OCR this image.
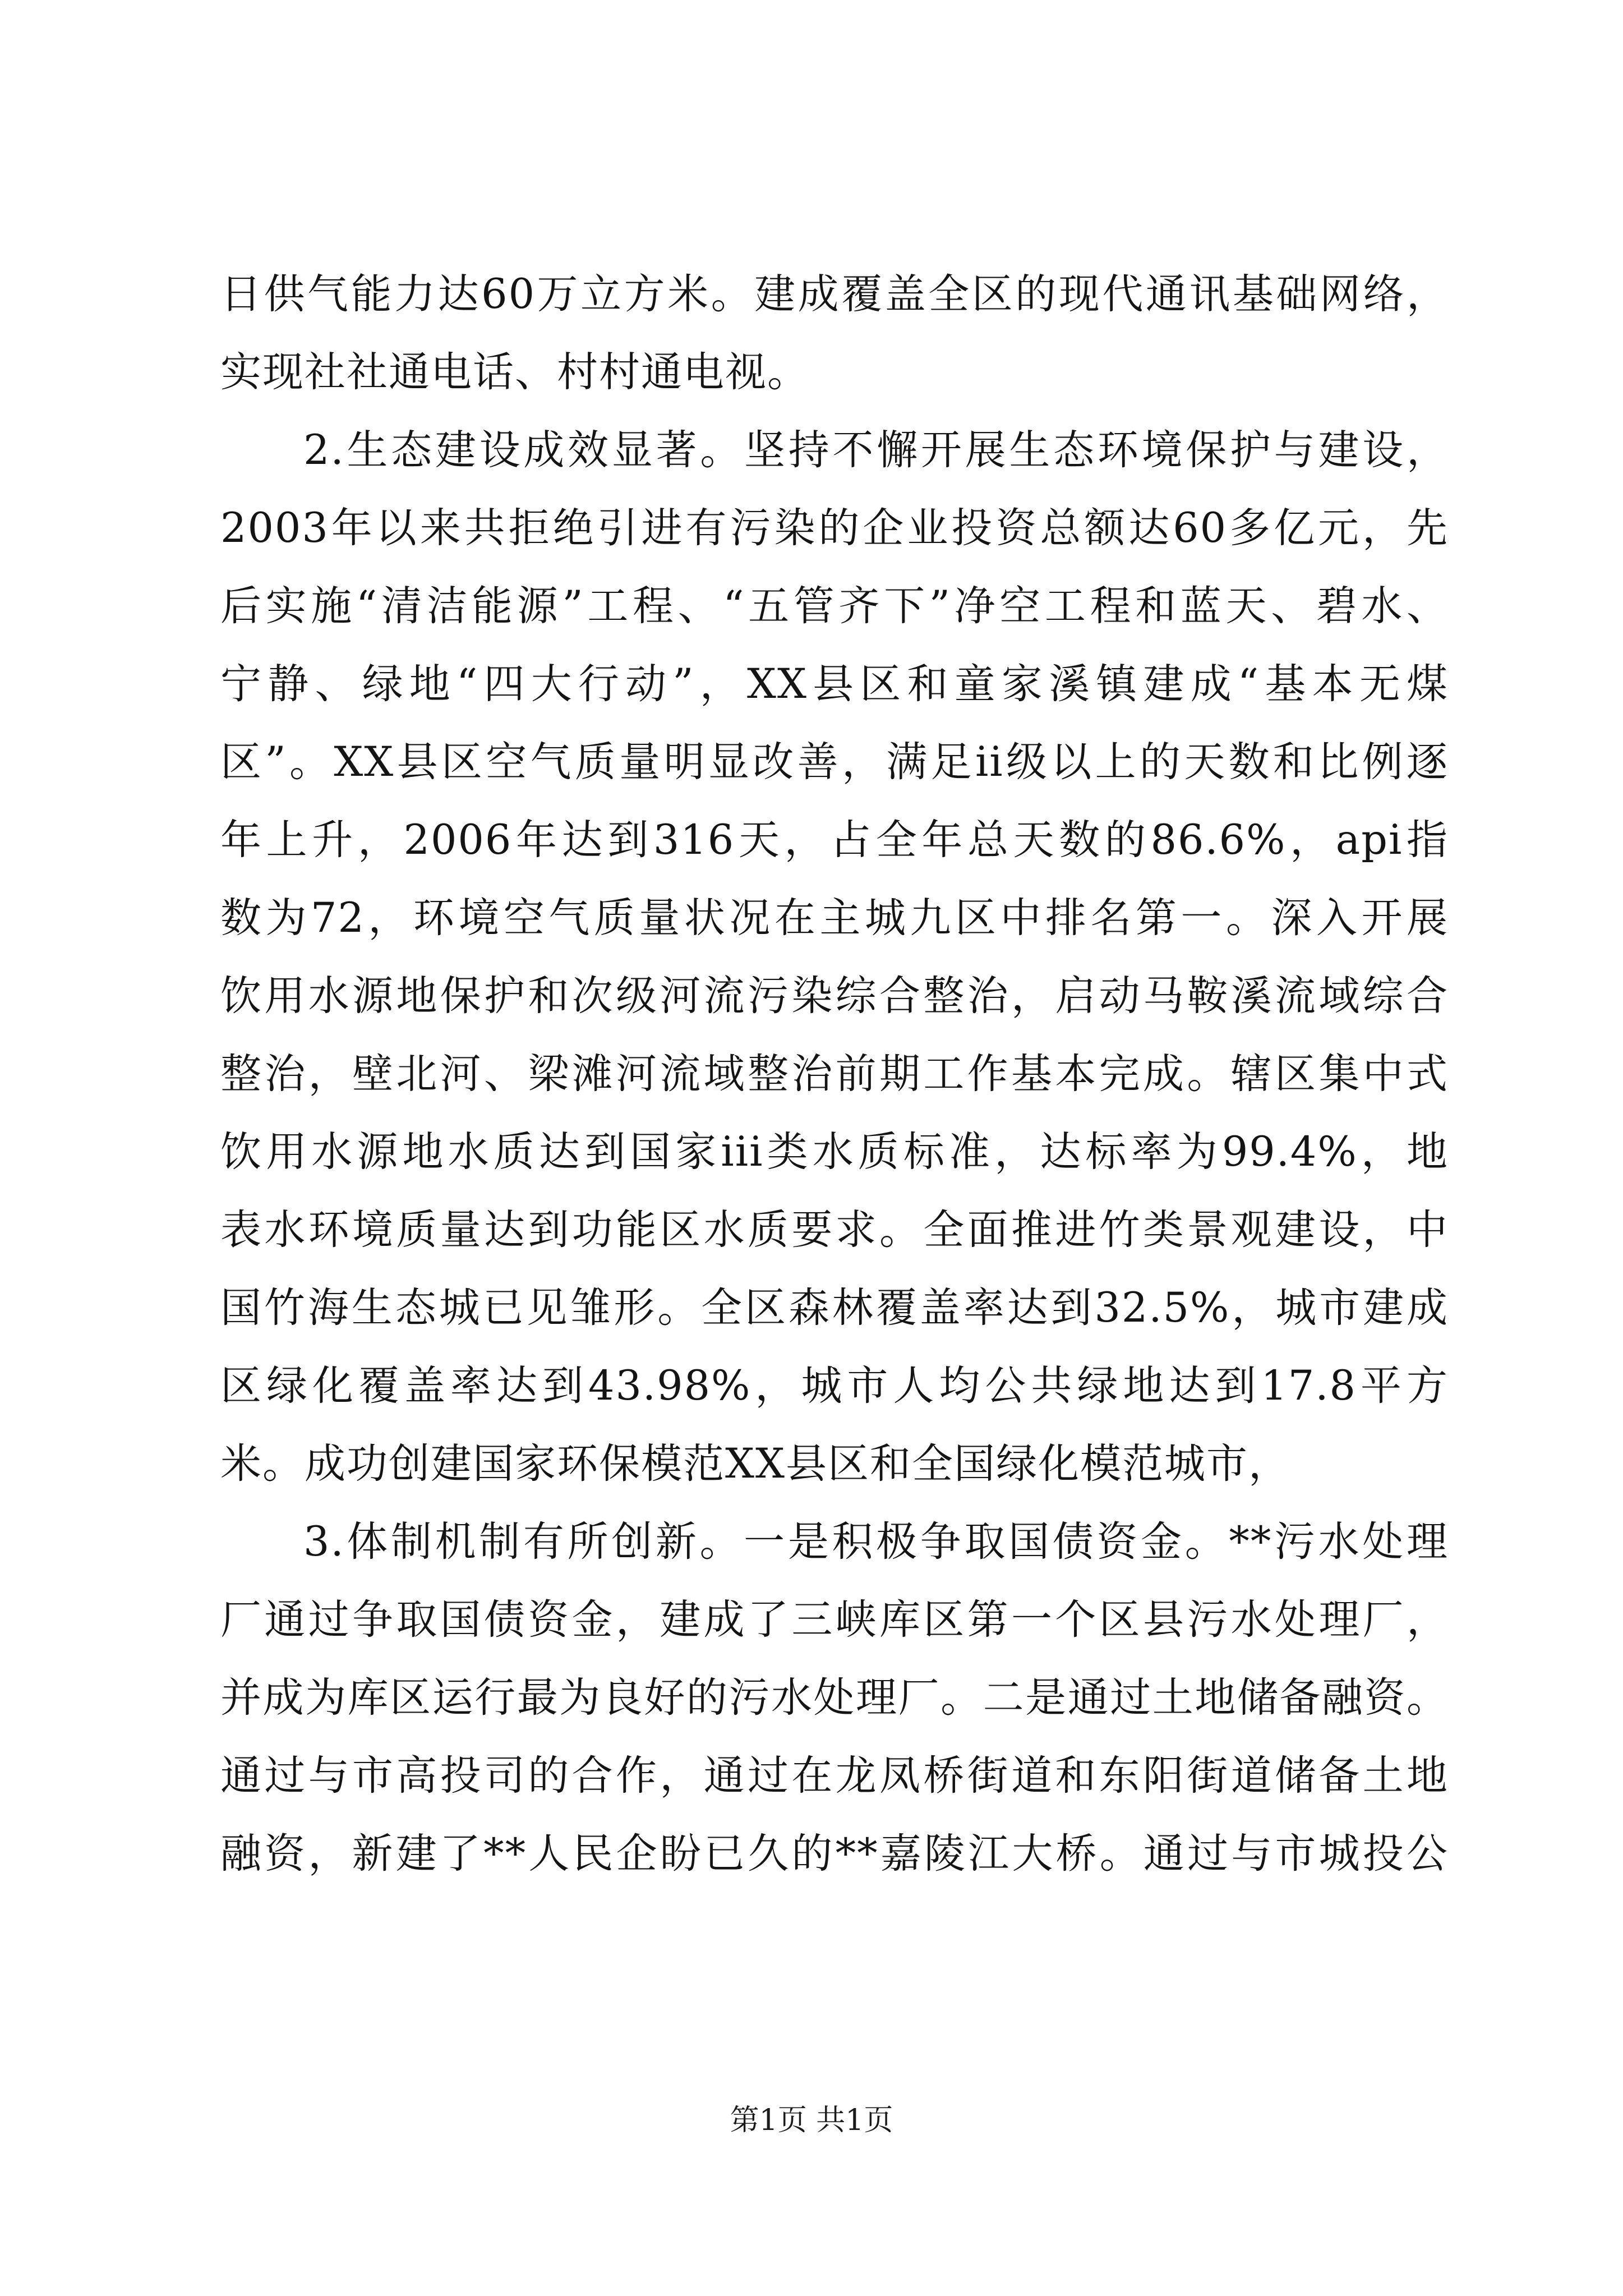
日供气能力达60万立方米。建成覆盖全区的现代通讯基础网络，
实现社社通电话、村村通电视。
2.生态建设成效显著。坚持不懈开展生态环境保护与建设，
2003年以来共拒绝引进有污染的企业投资总额达60多亿元，先
后实施“清洁能源”工程、“五管齐下”净空工程和蓝天、碧水、
宁静、绿地“四大行动”，XX县区和童家溪镇建成“基本无煤
区”。XX县区空气质量明显改善，满足ii级以上的天数和比例逐
年上升，2006年达到316天，占全年总天数的86.6%，api指
数为72，环境空气质量状况在主城九区中排名第一。深入开展
饮用水源地保护和次级河流污染综合整治，启动马鞍溪流域综合
整治，壁北河、梁滩河流域整治前期工作基本完成。辖区集中式
饮用水源地水质达到国家iii类水质标准，达标率为99.4%，地
表水环境质量达到功能区水质要求。全面推进竹类景观建设，中
国竹海生态城已见雏形。全区森林覆盖率达到32.5%，城市建成
区绿化覆盖率达到43.98%，城市人均公共绿地达到17.8平方
米。成功创建国家环保模范XX县区和全国绿化模范城市，
3.体制机制有所创新。一是积极争取国债资金。**污水处理
厂通过争取国债资金，建成了三峡库区第一个区县污水处理厂，
并成为库区运行最为良好的污水处理厂。二是通过土地储备融资。
通过与市高投司的合作，通过在龙凤桥街道和东阳街道储备土地
融资，新建了**人民企盼已久的**嘉陵江大桥。通过与市城投公
第1页 共1页
